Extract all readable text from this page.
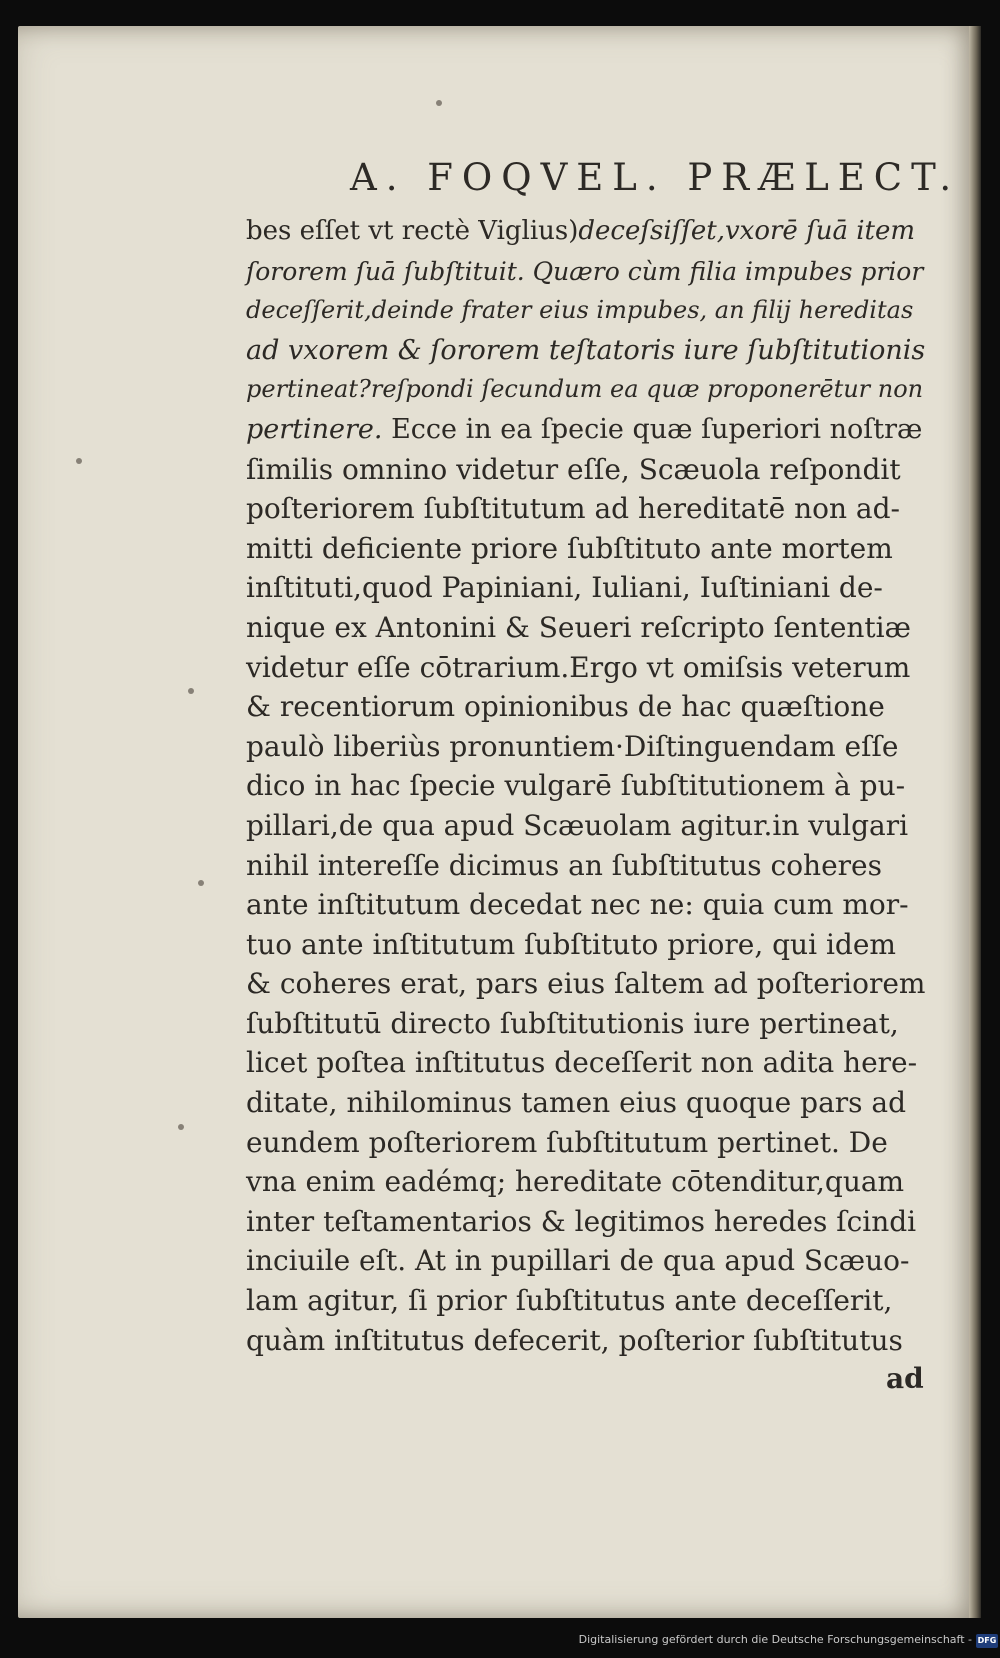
A. FOQVEL. PRÆLECT.
bes eſſet vt rectè Viglius)deceſsiſſet,vxorē ſuā item
ſororem ſuā ſubſtituit. Quæro cùm filia impubes prior
deceſſerit,deinde frater eius impubes, an filij hereditas
ad vxorem & ſororem teſtatoris iure ſubſtitutionis
pertineat?reſpondi ſecundum ea quæ proponerētur non
pertinere. Ecce in ea ſpecie quæ ſuperiori noſtræ
ſimilis omnino videtur eſſe, Scæuola reſpondit
poſteriorem ſubſtitutum ad hereditatē non ad-
mitti deficiente priore ſubſtituto ante mortem
inſtituti,quod Papiniani, Iuliani, Iuſtiniani de-
nique ex Antonini & Seueri reſcripto ſententiæ
videtur eſſe cōtrarium.Ergo vt omiſsis veterum
& recentiorum opinionibus de hac quæſtione
paulò liberiùs pronuntiem·Diſtinguendam eſſe
dico in hac ſpecie vulgarē ſubſtitutionem à pu-
pillari,de qua apud Scæuolam agitur.in vulgari
nihil intereſſe dicimus an ſubſtitutus coheres
ante inſtitutum decedat nec ne: quia cum mor-
tuo ante inſtitutum ſubſtituto priore, qui idem
& coheres erat, pars eius ſaltem ad poſteriorem
ſubſtitutū directo ſubſtitutionis iure pertineat,
licet poſtea inſtitutus deceſſerit non adita here-
ditate, nihilominus tamen eius quoque pars ad
eundem poſteriorem ſubſtitutum pertinet. De
vna enim eadémq; hereditate cōtenditur,quam
inter teſtamentarios & legitimos heredes ſcindi
inciuile eſt. At in pupillari de qua apud Scæuo-
lam agitur, ſi prior ſubſtitutus ante deceſſerit,
quàm inſtitutus defecerit, poſterior ſubſtitutus
ad
Digitalisierung gefördert durch die Deutsche Forschungsgemeinschaft - DFG
